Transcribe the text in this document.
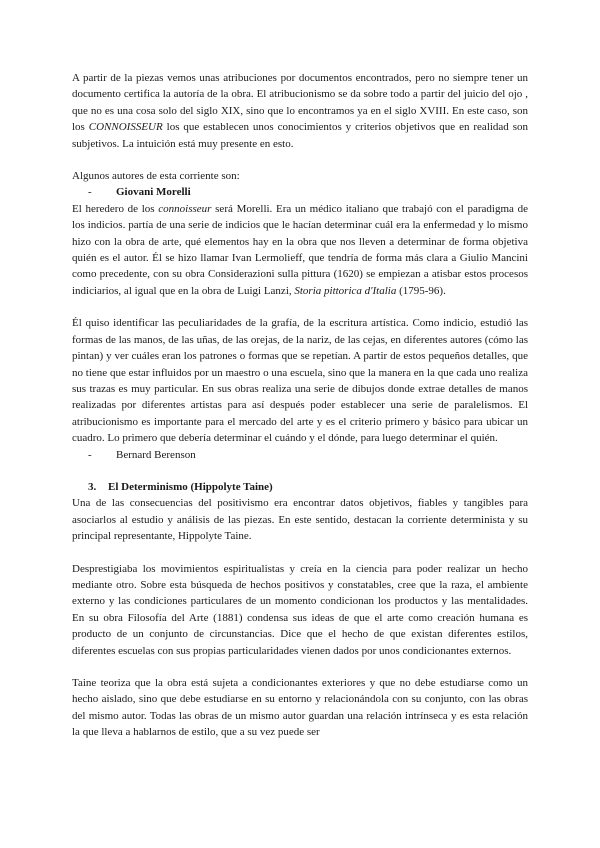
A partir de la piezas vemos unas atribuciones por documentos encontrados, pero no siempre tener un documento certifica la autoría de la obra. El atribucionismo se da sobre todo a partir del juicio del ojo , que no es una cosa solo del siglo XIX, sino que lo encontramos ya en el siglo XVIII. En este caso, son los CONNOISSEUR los que establecen unos conocimientos y criterios objetivos que en realidad son subjetivos. La intuición está muy presente en esto.

Algunos autores de esta corriente son:

-	Giovani Morelli

El heredero de los connoisseur será Morelli. Era un médico italiano que trabajó con el paradigma de los indicios. partía de una serie de indicios que le hacían determinar cuál era la enfermedad y lo mismo hizo con la obra de arte, qué elementos hay en la obra que nos lleven a determinar de forma objetiva quién es el autor. Él se hizo llamar Ivan Lermolieff, que tendría de forma más clara a Giulio Mancini como precedente, con su obra Considerazioni sulla pittura (1620) se empiezan a atisbar estos procesos indiciarios, al igual que en la obra de Luigi Lanzi, Storia pittorica d'Italia (1795-96).

Él quiso identificar las peculiaridades de la grafía, de la escritura artística. Como indicio, estudió las formas de las manos, de las uñas, de las orejas, de la nariz, de las cejas, en diferentes autores (cómo las pintan) y ver cuáles eran los patrones o formas que se repetían. A partir de estos pequeños detalles, que no tiene que estar influidos por un maestro o una escuela, sino que la manera en la que cada uno realiza sus trazas es muy particular. En sus obras realiza una serie de dibujos donde extrae detalles de manos realizadas por diferentes artistas para así después poder establecer una serie de paralelismos. El atribucionismo es importante para el mercado del arte y es el criterio primero y básico para ubicar un cuadro. Lo primero que debería determinar el cuándo y el dónde, para luego determinar el quién.

-	Bernard Berenson
3.	El Determinismo (Hippolyte Taine)

Una de las consecuencias del positivismo era encontrar datos objetivos, fiables y tangibles para asociarlos al estudio y análisis de las piezas. En este sentido, destacan la corriente determinista y su principal representante, Hippolyte Taine.

Desprestigiaba los movimientos espiritualistas y creía en la ciencia para poder realizar un hecho mediante otro. Sobre esta búsqueda de hechos positivos y constatables, cree que la raza, el ambiente externo y las condiciones particulares de un momento condicionan los productos y las mentalidades. En su obra Filosofía del Arte (1881) condensa sus ideas de que el arte como creación humana es producto de un conjunto de circunstancias. Dice que el hecho de que existan diferentes estilos, diferentes escuelas con sus propias particularidades vienen dados por unos condicionantes externos.

Taine teoriza que la obra está sujeta a condicionantes exteriores y que no debe estudiarse como un hecho aislado, sino que debe estudiarse en su entorno y relacionándola con su conjunto, con las obras del mismo autor. Todas las obras de un mismo autor guardan una relación intrínseca y es esta relación la que lleva a hablarnos de estilo, que a su vez puede ser
